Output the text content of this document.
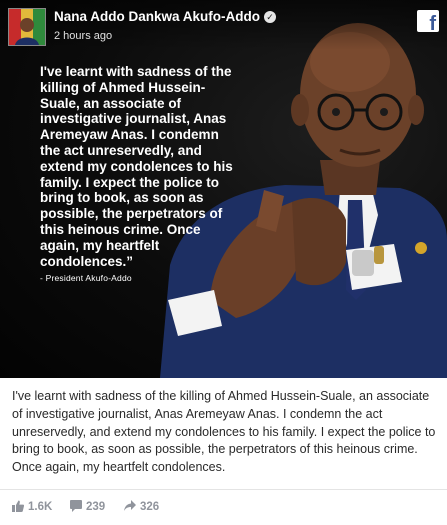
Nana Addo Dankwa Akufo-Addo ✓
2 hours ago
f

I've learnt with sadness of the killing of Ahmed Hussein-Suale, an associate of investigative journalist, Anas Aremeyaw Anas. I condemn the act unreservedly, and extend my condolences to his family. I expect the police to bring to book, as soon as possible, the perpetrators of this heinous crime. Once again, my heartfelt condolences.”

- President Akufo-Addo

I've learnt with sadness of the killing of Ahmed Hussein-Suale, an associate of investigative journalist, Anas Aremeyaw Anas. I condemn the act unreservedly, and extend my condolences to his family. I expect the police to bring to book, as soon as possible, the perpetrators of this heinous crime. Once again, my heartfelt condolences.

1.6K	239	326
